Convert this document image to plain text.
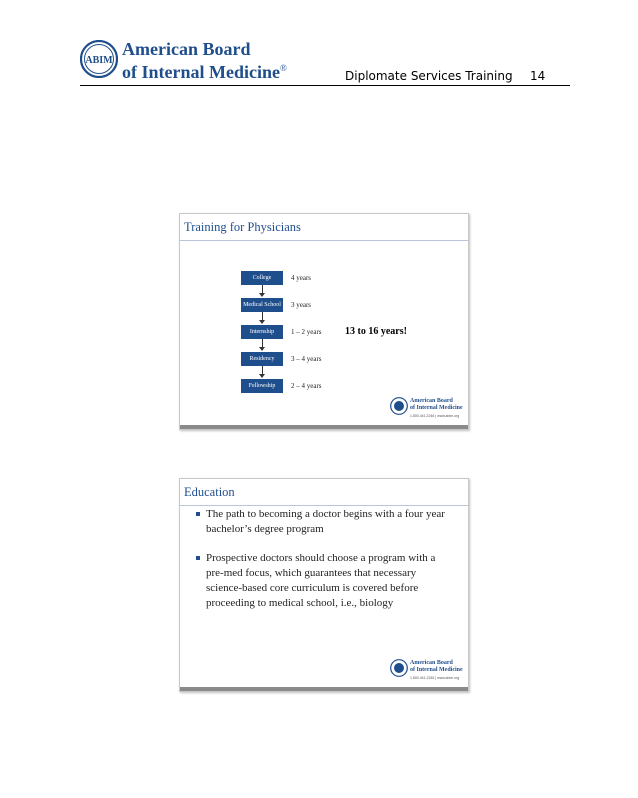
ABIM
American Board
of Internal Medicine®
Diplomate Services Training 14
Training for Physicians
College
Medical School
Internship
Residency
Fellowship
4 years
3 years
1 – 2 years
3 – 4 years
2 – 4 years
13 to 16 years!
American Board
of Internal Medicine
1.800.441.2246 | www.abim.org
Education
The path to becoming a doctor begins with a four year bachelor’s degree program
Prospective doctors should choose a program with a pre-med focus, which guarantees that necessary science-based core curriculum is covered before proceeding to medical school, i.e., biology
American Board
of Internal Medicine
1.800.441.2246 | www.abim.org
